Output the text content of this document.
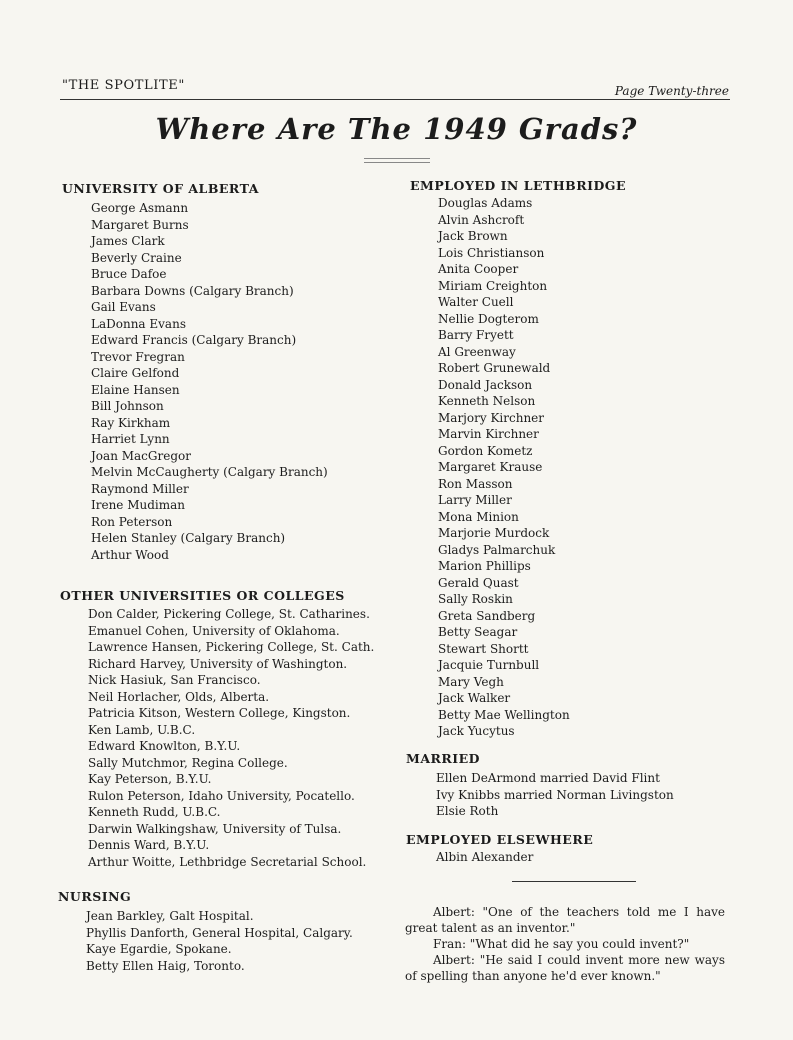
"THE SPOTLITE"	Page Twenty-three
Where Are The 1949 Grads?
UNIVERSITY OF ALBERTA
George Asmann
Margaret Burns
James Clark
Beverly Craine
Bruce Dafoe
Barbara Downs (Calgary Branch)
Gail Evans
LaDonna Evans
Edward Francis (Calgary Branch)
Trevor Fregran
Claire Gelfond
Elaine Hansen
Bill Johnson
Ray Kirkham
Harriet Lynn
Joan MacGregor
Melvin McCaugherty (Calgary Branch)
Raymond Miller
Irene Mudiman
Ron Peterson
Helen Stanley (Calgary Branch)
Arthur Wood
OTHER UNIVERSITIES OR COLLEGES
Don Calder, Pickering College, St. Catharines.
Emanuel Cohen, University of Oklahoma.
Lawrence Hansen, Pickering College, St. Cath.
Richard Harvey, University of Washington.
Nick Hasiuk, San Francisco.
Neil Horlacher, Olds, Alberta.
Patricia Kitson, Western College, Kingston.
Ken Lamb, U.B.C.
Edward Knowlton, B.Y.U.
Sally Mutchmor, Regina College.
Kay Peterson, B.Y.U.
Rulon Peterson, Idaho University, Pocatello.
Kenneth Rudd, U.B.C.
Darwin Walkingshaw, University of Tulsa.
Dennis Ward, B.Y.U.
Arthur Woitte, Lethbridge Secretarial School.
NURSING
Jean Barkley, Galt Hospital.
Phyllis Danforth, General Hospital, Calgary.
Kaye Egardie, Spokane.
Betty Ellen Haig, Toronto.
EMPLOYED IN LETHBRIDGE
Douglas Adams
Alvin Ashcroft
Jack Brown
Lois Christianson
Anita Cooper
Miriam Creighton
Walter Cuell
Nellie Dogterom
Barry Fryett
Al Greenway
Robert Grunewald
Donald Jackson
Kenneth Nelson
Marjory Kirchner
Marvin Kirchner
Gordon Kometz
Margaret Krause
Ron Masson
Larry Miller
Mona Minion
Marjorie Murdock
Gladys Palmarchuk
Marion Phillips
Gerald Quast
Sally Roskin
Greta Sandberg
Betty Seagar
Stewart Shortt
Jacquie Turnbull
Mary Vegh
Jack Walker
Betty Mae Wellington
Jack Yucytus
MARRIED
Ellen DeArmond married David Flint
Ivy Knibbs married Norman Livingston
Elsie Roth
EMPLOYED ELSEWHERE
Albin Alexander

Albert: "One of the teachers told me I have great talent as an inventor."

Fran: "What did he say you could invent?"

Albert: "He said I could invent more new ways of spelling than anyone he'd ever known."
